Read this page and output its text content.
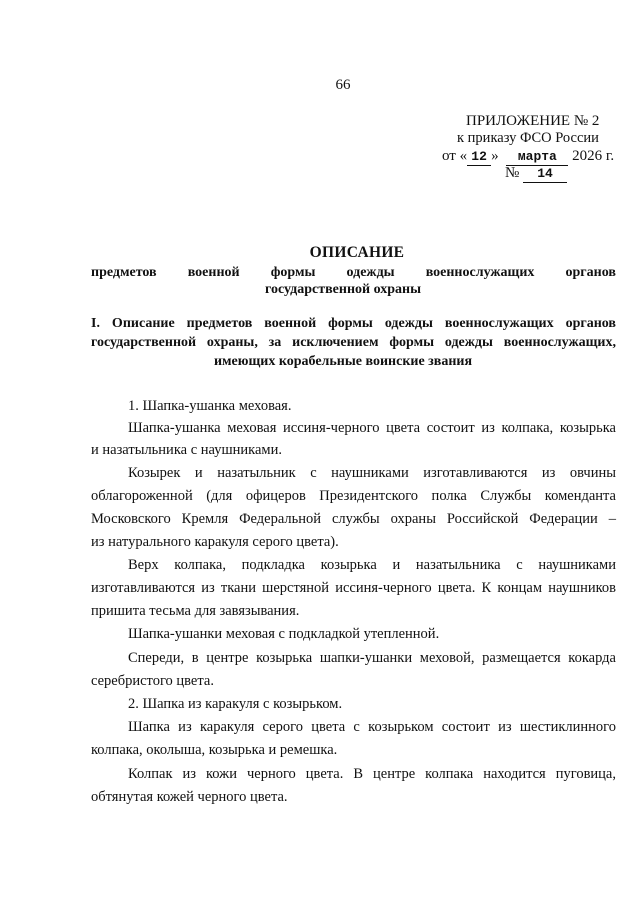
66
ПРИЛОЖЕНИЕ № 2
к приказу ФСО России
от « 12 » марта 2026 г.
№ 14
ОПИСАНИЕ
предметов военной формы одежды военнослужащих органов
государственной охраны
I. Описание предметов военной формы одежды военнослужащих органов
государственной охраны, за исключением формы одежды военнослужащих,
имеющих корабельные воинские звания
1. Шапка-ушанка меховая.
Шапка-ушанка меховая иссиня-черного цвета состоит из колпака, козырька
и назатыльника с наушниками.
Козырек и назатыльник с наушниками изготавливаются из овчины
облагороженной (для офицеров Президентского полка Службы коменданта
Московского Кремля Федеральной службы охраны Российской Федерации –
из натурального каракуля серого цвета).
Верх колпака, подкладка козырька и назатыльника с наушниками
изготавливаются из ткани шерстяной иссиня-черного цвета. К концам наушников
пришита тесьма для завязывания.
Шапка-ушанки меховая с подкладкой утепленной.
Спереди, в центре козырька шапки-ушанки меховой, размещается кокарда
серебристого цвета.
2. Шапка из каракуля с козырьком.
Шапка из каракуля серого цвета с козырьком состоит из шестиклинного
колпака, околыша, козырька и ремешка.
Колпак из кожи черного цвета. В центре колпака находится пуговица,
обтянутая кожей черного цвета.
